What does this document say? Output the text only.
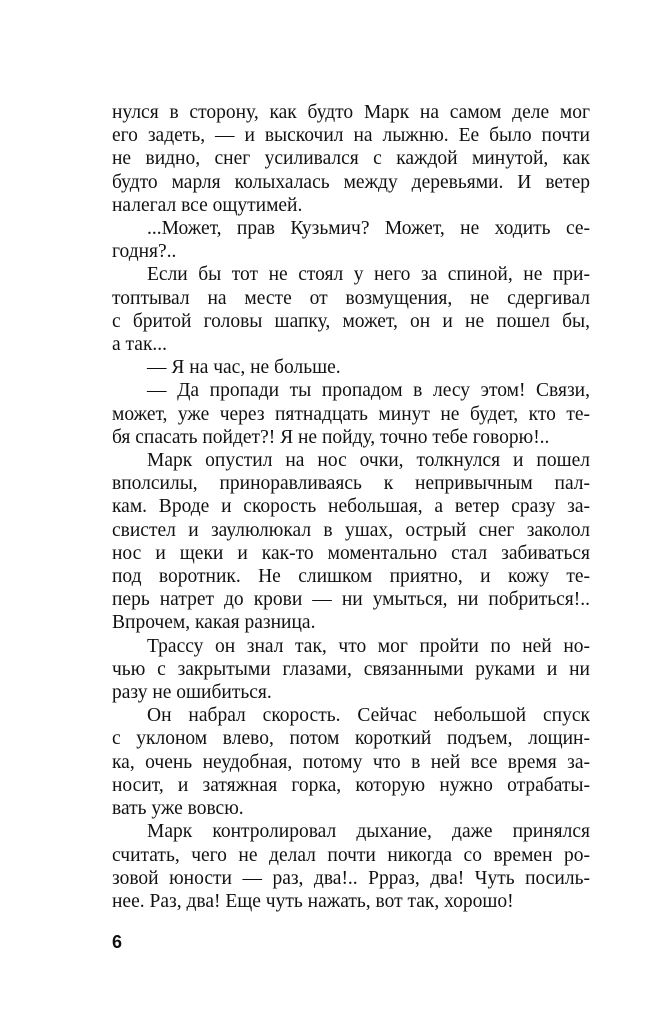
нулся в сторону, как будто Марк на самом деле мог
его задеть, — и выскочил на лыжню. Ее было почти
не видно, снег усиливался с каждой минутой, как
будто марля колыхалась между деревьями. И ветер
налегал все ощутимей.

...Может, прав Кузьмич? Может, не ходить се-
годня?..

Если бы тот не стоял у него за спиной, не при-
топтывал на месте от возмущения, не сдергивал
с бритой головы шапку, может, он и не пошел бы,
а так...

— Я на час, не больше.

— Да пропади ты пропадом в лесу этом! Связи,
может, уже через пятнадцать минут не будет, кто те-
бя спасать пойдет?! Я не пойду, точно тебе говорю!..

Марк опустил на нос очки, толкнулся и пошел
вполсилы, приноравливаясь к непривычным пал-
кам. Вроде и скорость небольшая, а ветер сразу за-
свистел и заулюлюкал в ушах, острый снег заколол
нос и щеки и как-то моментально стал забиваться
под воротник. Не слишком приятно, и кожу те-
перь натрет до крови — ни умыться, ни побриться!..
Впрочем, какая разница.

Трассу он знал так, что мог пройти по ней но-
чью с закрытыми глазами, связанными руками и ни
разу не ошибиться.

Он набрал скорость. Сейчас небольшой спуск
с уклоном влево, потом короткий подъем, лощин-
ка, очень неудобная, потому что в ней все время за-
носит, и затяжная горка, которую нужно отрабаты-
вать уже вовсю.

Марк контролировал дыхание, даже принялся
считать, чего не делал почти никогда со времен ро-
зовой юности — раз, два!.. Ррраз, два! Чуть посиль-
нее. Раз, два! Еще чуть нажать, вот так, хорошо!

6
